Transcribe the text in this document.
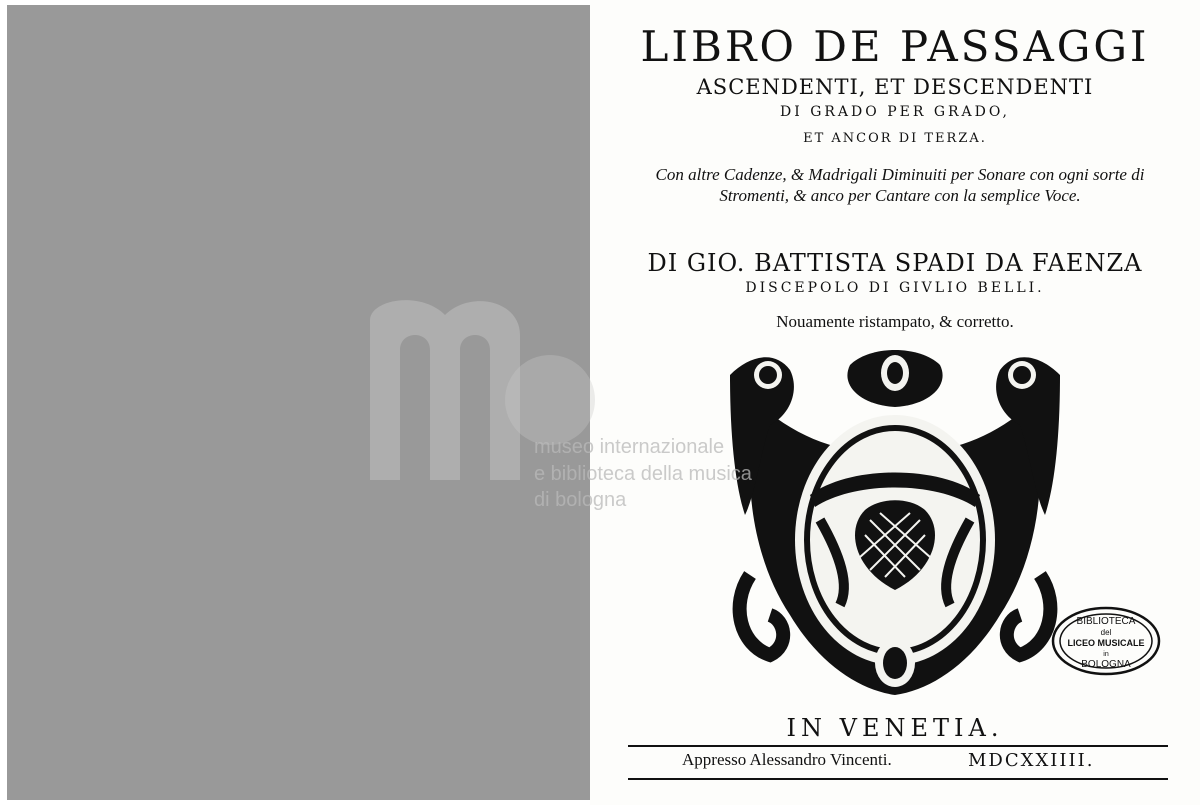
LIBRO DE PASSAGGI
ASCENDENTI, ET DESCENDENTI
DI GRADO PER GRADO,
ET ANCOR DI TERZA.
Con altre Cadenze, & Madrigali Diminuiti per Sonare con ogni sorte di Stromenti, & anco per Cantare con la semplice Voce.
DI GIO. BATTISTA SPADI DA FAENZA
DISCEPOLO DI GIVLIO BELLI.
Nouamente ristampato, & corretto.
IN VENETIA.
Appresso Alessandro Vincenti.	MDCXXIIII.
BIBLIOTECA
del
LICEO MUSICALE
in
BOLOGNA
museo internazionale
e biblioteca della musica
di bologna
